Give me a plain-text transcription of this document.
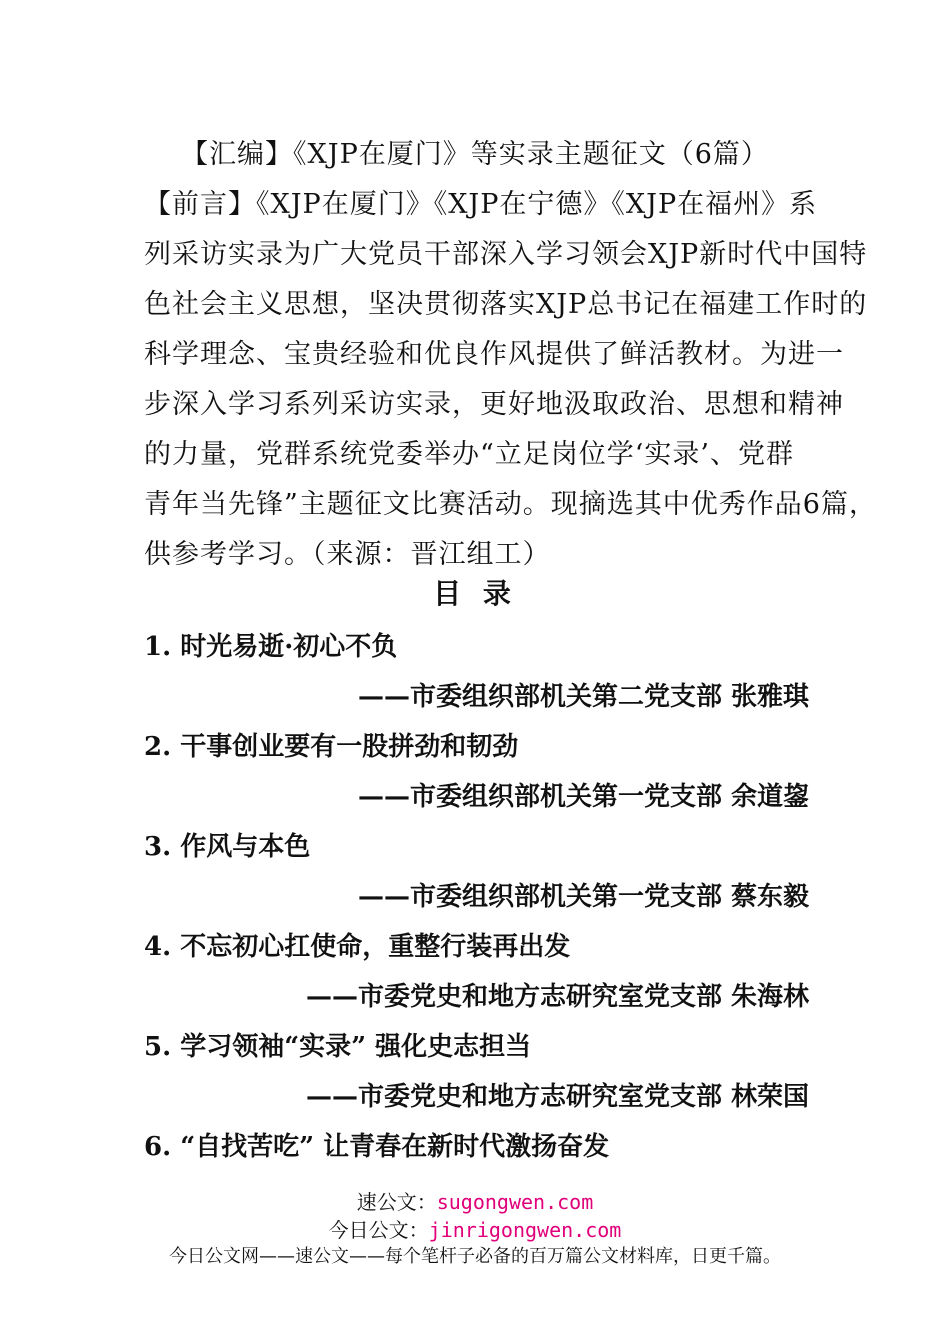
【汇编】《XJP在厦门》等实录主题征文（6篇）
【前言】《XJP在厦门》《XJP在宁德》《XJP在福州》系
列采访实录为广大党员干部深入学习领会XJP新时代中国特
色社会主义思想，坚决贯彻落实XJP总书记在福建工作时的
科学理念、宝贵经验和优良作风提供了鲜活教材。为进一
步深入学习系列采访实录，更好地汲取政治、思想和精神
的力量，党群系统党委举办“立足岗位学‘实录’、党群
青年当先锋”主题征文比赛活动。现摘选其中优秀作品6篇，
供参考学习。（来源：晋江组工）
目 录
1. 时光易逝·初心不负
——市委组织部机关第二党支部 张雅琪
2. 干事创业要有一股拼劲和韧劲
——市委组织部机关第一党支部 余道鋆
3. 作风与本色
——市委组织部机关第一党支部 蔡东毅
4. 不忘初心扛使命，重整行装再出发
——市委党史和地方志研究室党支部 朱海林
5. 学习领袖“实录” 强化史志担当
——市委党史和地方志研究室党支部 林荣国
6. “自找苦吃” 让青春在新时代激扬奋发
速公文：sugongwen.com
今日公文：jinrigongwen.com
今日公文网——速公文——每个笔杆子必备的百万篇公文材料库，日更千篇。
